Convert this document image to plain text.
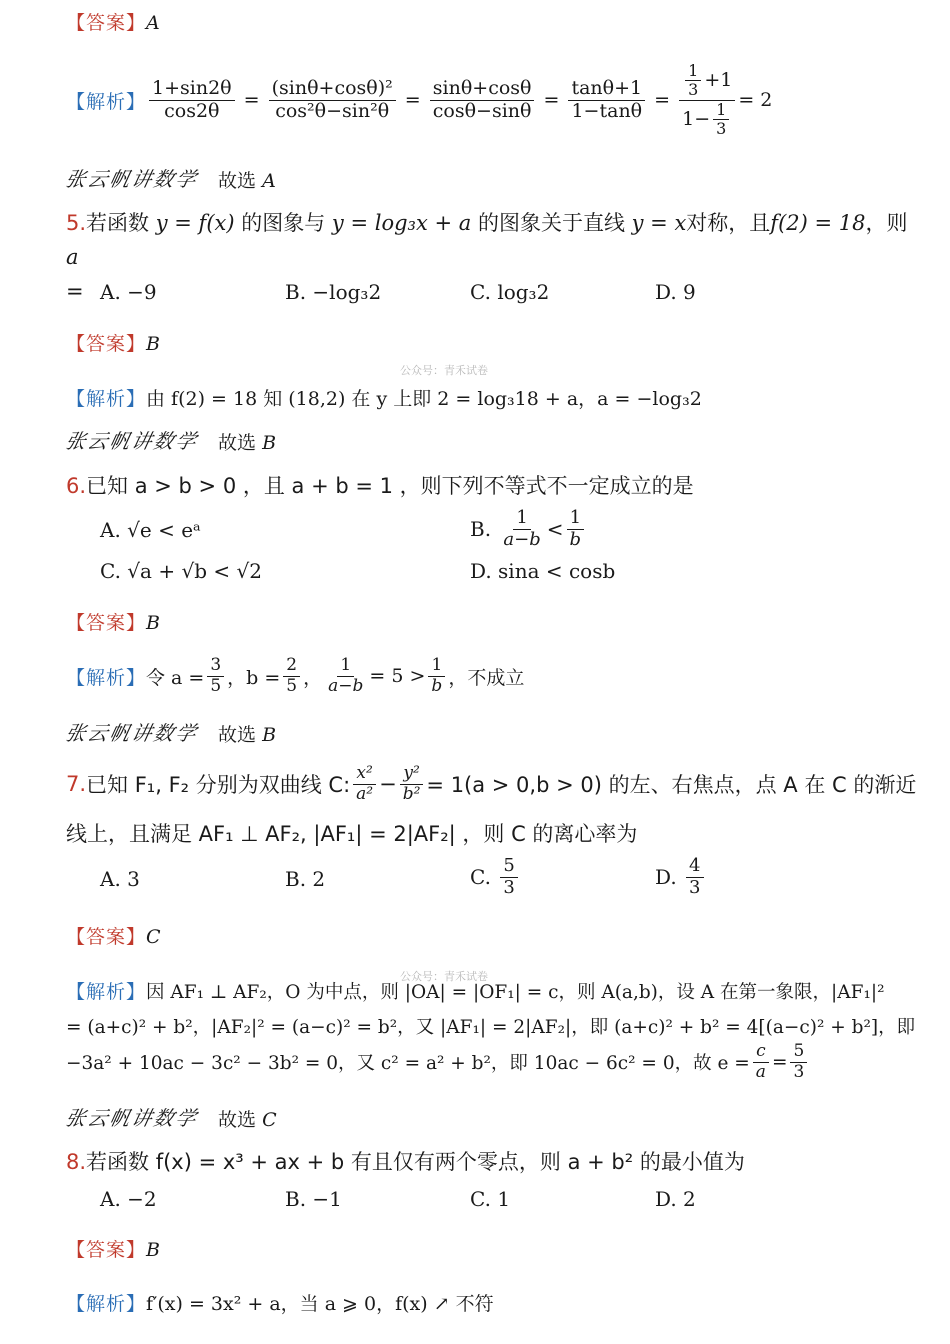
【答案】A
【解析】 $\frac{1+\sin 2\theta}{\cos 2\theta} = \frac{\text{(sinθ+cosθ)²}}{\text{cos²θ−sin²θ}} = \frac{\sin\theta+\cos\theta}{\cos\theta-\sin\theta} = \frac{\tan\theta+1}{1-\tan\theta} = \frac{\frac{1}{3} +1}{1- \frac{1}{3}} = 2$
张云帆讲数学 故选 A
5.若函数 y = f(x) 的图象与 y = log₃x + a 的图象关于直线 y = x对称，且f(2) = 18，则 a
= A. −9	B. −log₃2	C. log₃2	D. 9
【答案】B
公众号：青禾试卷
【解析】由 f(2) = 18 知 (18,2) 在 y 上即 2 = log₃18 + a，a = −log₃2
张云帆讲数学 故选 B
6.已知 a > b > 0 ，且 a + b = 1 ，则下列不等式不一定成立的是
A. √e < eᵃ	B.
$\frac{1}{a-b} < \frac{1}{b}$
C. √a + √b < √2	D. sina < cosb
【答案】B
【解析】 令 $a = \frac{3}{5}$ ，$b = \frac{2}{5}$ ， $\frac{1}{a-b} = 5 > \frac{1}{b}$ ，不成立
张云帆讲数学 故选 B
7. 已知 F₁, F₂ 分别为双曲线 C: $\frac{\text{x²}}{\text{a²}} - \frac{\text{y²}}{\text{b²}} = 1(a > 0,b > 0)$ 的左、右焦点，点 A 在 C 的渐近
线上，且满足 AF₁ ⊥ AF₂, |AF₁| = 2|AF₂| ，则 C 的离心率为
A. 3	B. 2	C.
$\frac{5}{3}$	D.
$\frac{4}{3}$
【答案】C
公众号：青禾试卷
【解析】因 AF₁ ⊥ AF₂，O 为中点，则 |OA| = |OF₁| = c，则 A(a,b)，设 A 在第一象限，|AF₁|²
= (a+c)² + b²，|AF₂|² = (a−c)² = b²，又 |AF₁| = 2|AF₂|，即 (a+c)² + b² = 4[(a−c)² + b²]，即
−3a² + 10ac − 3c² − 3b² = 0，又 c² = a² + b²，即 10ac − 6c² = 0，故 $e = \frac{c}{a} = \frac{5}{3}$
张云帆讲数学 故选 C
8.若函数 f(x) = x³ + ax + b 有且仅有两个零点，则 a + b² 的最小值为
A. −2	B. −1	C. 1	D. 2
【答案】B
【解析】f′(x) = 3x² + a，当 a ⩾ 0，f(x) ↗ 不符
